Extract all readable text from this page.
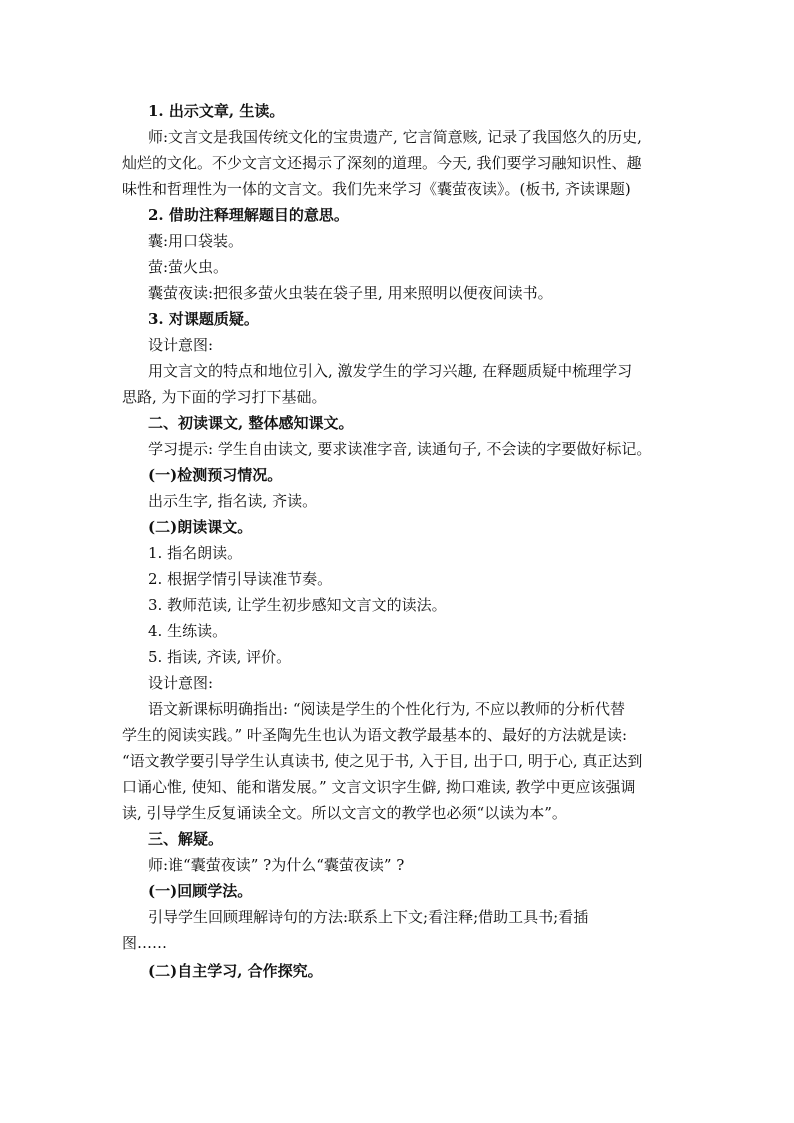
1. 出示文章, 生读。
师:文言文是我国传统文化的宝贵遗产, 它言简意赅, 记录了我国悠久的历史,
灿烂的文化。不少文言文还揭示了深刻的道理。今天, 我们要学习融知识性、趣
味性和哲理性为一体的文言文。我们先来学习《囊萤夜读》。(板书, 齐读课题)
2. 借助注释理解题目的意思。
囊:用口袋装。
萤:萤火虫。
囊萤夜读:把很多萤火虫装在袋子里, 用来照明以便夜间读书。
3. 对课题质疑。
设计意图:
用文言文的特点和地位引入, 激发学生的学习兴趣, 在释题质疑中梳理学习
思路, 为下面的学习打下基础。
二、初读课文, 整体感知课文。
学习提示: 学生自由读文, 要求读准字音, 读通句子, 不会读的字要做好标记。
(一)检测预习情况。
出示生字, 指名读, 齐读。
(二)朗读课文。
1. 指名朗读。
2. 根据学情引导读准节奏。
3. 教师范读, 让学生初步感知文言文的读法。
4. 生练读。
5. 指读, 齐读, 评价。
设计意图:
语文新课标明确指出: “阅读是学生的个性化行为, 不应以教师的分析代替
学生的阅读实践。” 叶圣陶先生也认为语文教学最基本的、最好的方法就是读:
“语文教学要引导学生认真读书, 使之见于书, 入于目, 出于口, 明于心, 真正达到
口诵心惟, 使知、能和谐发展。” 文言文识字生僻, 拗口难读, 教学中更应该强调
读, 引导学生反复诵读全文。所以文言文的教学也必须“以读为本”。
三、解疑。
师:谁“囊萤夜读” ?为什么“囊萤夜读” ?
(一)回顾学法。
引导学生回顾理解诗句的方法:联系上下文;看注释;借助工具书;看插
图……
(二)自主学习, 合作探究。
